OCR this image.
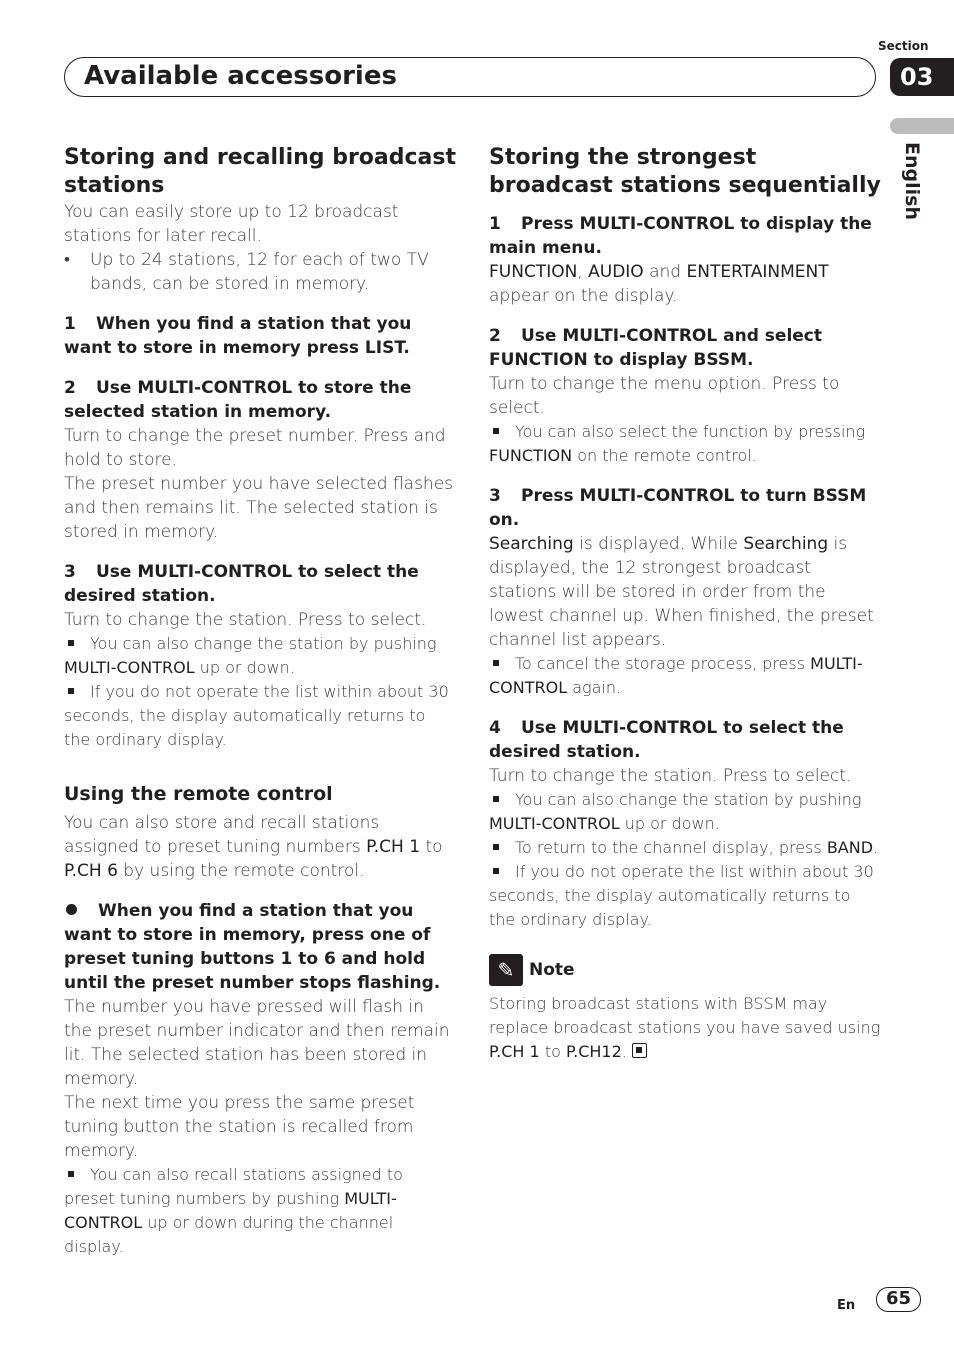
Section
03
Available accessories
English
Storing and recalling broadcast stations
You can easily store up to 12 broadcast stations for later recall.
• Up to 24 stations, 12 for each of two TV bands, can be stored in memory.
1 When you find a station that you want to store in memory press LIST.
2 Use MULTI-CONTROL to store the selected station in memory.
Turn to change the preset number. Press and hold to store.
The preset number you have selected flashes and then remains lit. The selected station is stored in memory.
3 Use MULTI-CONTROL to select the desired station.
Turn to change the station. Press to select.
You can also change the station by pushing MULTI-CONTROL up or down.
If you do not operate the list within about 30 seconds, the display automatically returns to the ordinary display.
Using the remote control
You can also store and recall stations assigned to preset tuning numbers P.CH 1 to P.CH 6 by using the remote control.
When you find a station that you want to store in memory, press one of preset tuning buttons 1 to 6 and hold until the preset number stops flashing.
The number you have pressed will flash in the preset number indicator and then remain lit. The selected station has been stored in memory.
The next time you press the same preset tuning button the station is recalled from memory.
You can also recall stations assigned to preset tuning numbers by pushing MULTI-CONTROL up or down during the channel display.
Storing the strongest broadcast stations sequentially
1 Press MULTI-CONTROL to display the main menu.
FUNCTION, AUDIO and ENTERTAINMENT appear on the display.
2 Use MULTI-CONTROL and select FUNCTION to display BSSM.
Turn to change the menu option. Press to select.
You can also select the function by pressing FUNCTION on the remote control.
3 Press MULTI-CONTROL to turn BSSM on.
Searching is displayed. While Searching is displayed, the 12 strongest broadcast stations will be stored in order from the lowest channel up. When finished, the preset channel list appears.
To cancel the storage process, press MULTI-CONTROL again.
4 Use MULTI-CONTROL to select the desired station.
Turn to change the station. Press to select.
You can also change the station by pushing MULTI-CONTROL up or down.
To return to the channel display, press BAND.
If you do not operate the list within about 30 seconds, the display automatically returns to the ordinary display.
✎ Note
Storing broadcast stations with BSSM may replace broadcast stations you have saved using P.CH 1 to P.CH12.
En	65
